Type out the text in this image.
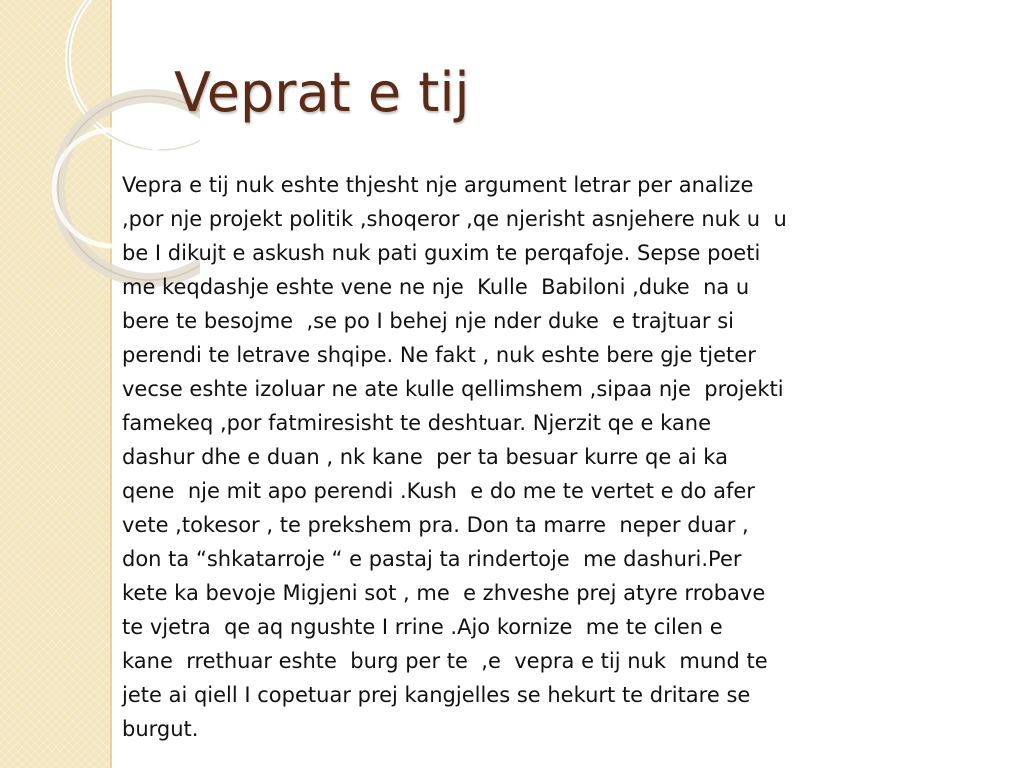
Veprat e tij
Vepra e tij nuk eshte thjesht nje argument letrar per analize
,por nje projekt politik ,shoqeror ,qe njerisht asnjehere nuk u  u
be I dikujt e askush nuk pati guxim te perqafoje. Sepse poeti
me keqdashje eshte vene ne nje  Kulle  Babiloni ,duke  na u
bere te besojme  ,se po I behej nje nder duke  e trajtuar si
perendi te letrave shqipe. Ne fakt , nuk eshte bere gje tjeter
vecse eshte izoluar ne ate kulle qellimshem ,sipaa nje  projekti
famekeq ,por fatmiresisht te deshtuar. Njerzit qe e kane
dashur dhe e duan , nk kane  per ta besuar kurre qe ai ka
qene  nje mit apo perendi .Kush  e do me te vertet e do afer
vete ,tokesor , te prekshem pra. Don ta marre  neper duar ,
don ta “shkatarroje “ e pastaj ta rindertoje  me dashuri.Per
kete ka bevoje Migjeni sot , me  e zhveshe prej atyre rrobave
te vjetra  qe aq ngushte I rrine .Ajo kornize  me te cilen e
kane  rrethuar eshte  burg per te  ,e  vepra e tij nuk  mund te
jete ai qiell I copetuar prej kangjelles se hekurt te dritare se
burgut.
